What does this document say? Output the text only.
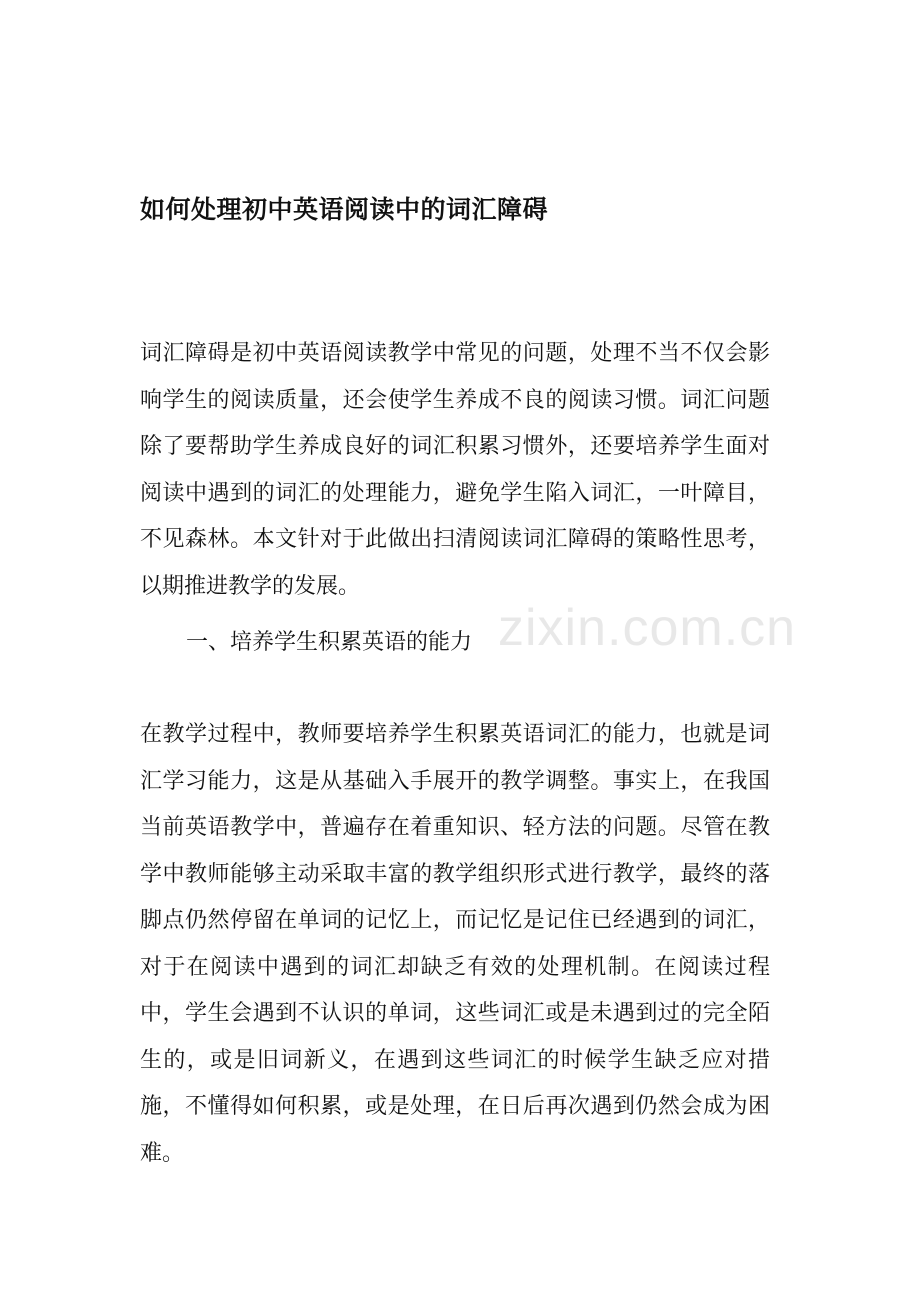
如何处理初中英语阅读中的词汇障碍

词汇障碍是初中英语阅读教学中常见的问题，处理不当不仅会影响学生的阅读质量，还会使学生养成不良的阅读习惯。词汇问题除了要帮助学生养成良好的词汇积累习惯外，还要培养学生面对阅读中遇到的词汇的处理能力，避免学生陷入词汇，一叶障目，不见森林。本文针对于此做出扫清阅读词汇障碍的策略性思考，以期推进教学的发展。

一、培养学生积累英语的能力 zixin.com.cn

在教学过程中，教师要培养学生积累英语词汇的能力，也就是词汇学习能力，这是从基础入手展开的教学调整。事实上，在我国当前英语教学中，普遍存在着重知识、轻方法的问题。尽管在教学中教师能够主动采取丰富的教学组织形式进行教学，最终的落脚点仍然停留在单词的记忆上，而记忆是记住已经遇到的词汇，对于在阅读中遇到的词汇却缺乏有效的处理机制。在阅读过程中，学生会遇到不认识的单词，这些词汇或是未遇到过的完全陌生的，或是旧词新义，在遇到这些词汇的时候学生缺乏应对措施，不懂得如何积累，或是处理，在日后再次遇到仍然会成为困难。
